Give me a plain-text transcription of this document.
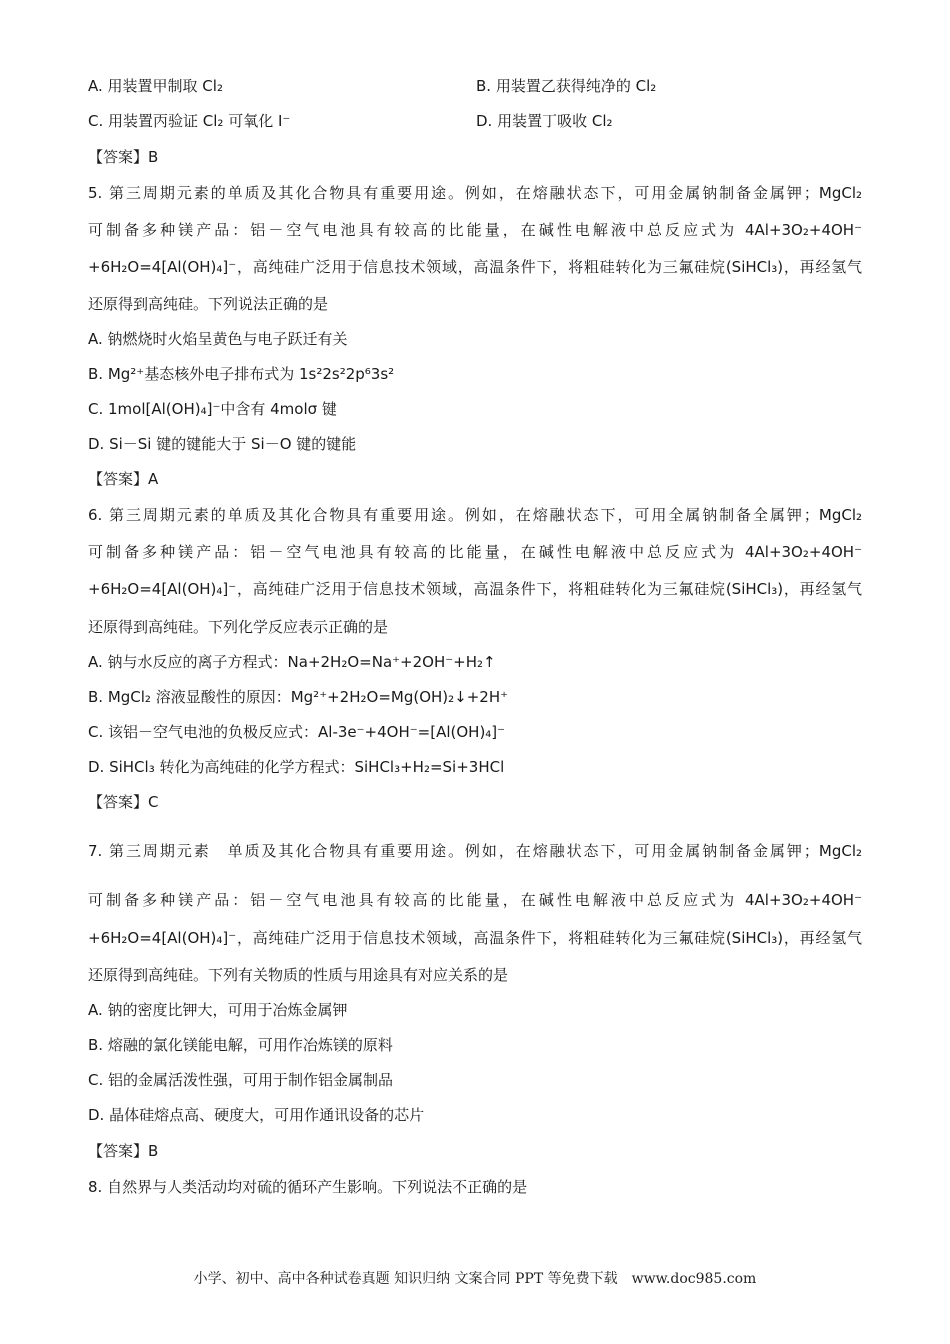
A. 用装置甲制取 Cl₂	B. 用装置乙获得纯净的 Cl₂
C. 用装置丙验证 Cl₂ 可氧化 I⁻	D. 用装置丁吸收 Cl₂
【答案】B
5. 第三周期元素的单质及其化合物具有重要用途。例如，在熔融状态下，可用金属钠制备金属钾；MgCl₂
可制备多种镁产品：铝－空气电池具有较高的比能量，在碱性电解液中总反应式为 4Al+3O₂+4OH⁻
+6H₂O=4[Al(OH)₄]⁻，高纯硅广泛用于信息技术领域，高温条件下，将粗硅转化为三氟硅烷(SiHCl₃)，再经氢气
还原得到高纯硅。下列说法正确的是
A. 钠燃烧时火焰呈黄色与电子跃迁有关
B. Mg²⁺基态核外电子排布式为 1s²2s²2p⁶3s²
C. 1mol[Al(OH)₄]⁻中含有 4molσ 键
D. Si－Si 键的键能大于 Si－O 键的键能
【答案】A
6. 第三周期元素的单质及其化合物具有重要用途。例如，在熔融状态下，可用全属钠制备全属钾；MgCl₂
可制备多种镁产品：铝－空气电池具有较高的比能量，在碱性电解液中总反应式为 4Al+3O₂+4OH⁻
+6H₂O=4[Al(OH)₄]⁻，高纯硅广泛用于信息技术领域，高温条件下，将粗硅转化为三氟硅烷(SiHCl₃)，再经氢气
还原得到高纯硅。下列化学反应表示正确的是
A. 钠与水反应的离子方程式：Na+2H₂O=Na⁺+2OH⁻+H₂↑
B. MgCl₂ 溶液显酸性的原因：Mg²⁺+2H₂O=Mg(OH)₂↓+2H⁺
C. 该铝－空气电池的负极反应式：Al-3e⁻+4OH⁻=[Al(OH)₄]⁻
D. SiHCl₃ 转化为高纯硅的化学方程式：SiHCl₃+H₂=Si+3HCl
【答案】C
7. 第三周期元素　单质及其化合物具有重要用途。例如，在熔融状态下，可用金属钠制备金属钾；MgCl₂
可制备多种镁产品：铝－空气电池具有较高的比能量，在碱性电解液中总反应式为 4Al+3O₂+4OH⁻
+6H₂O=4[Al(OH)₄]⁻，高纯硅广泛用于信息技术领域，高温条件下，将粗硅转化为三氟硅烷(SiHCl₃)，再经氢气
还原得到高纯硅。下列有关物质的性质与用途具有对应关系的是
A. 钠的密度比钾大，可用于冶炼金属钾
B. 熔融的氯化镁能电解，可用作冶炼镁的原料
C. 铝的金属活泼性强，可用于制作铝金属制品
D. 晶体硅熔点高、硬度大，可用作通讯设备的芯片
【答案】B
8. 自然界与人类活动均对硫的循环产生影响。下列说法不正确的是
小学、初中、高中各种试卷真题 知识归纳 文案合同 PPT 等免费下载　www.doc985.com
